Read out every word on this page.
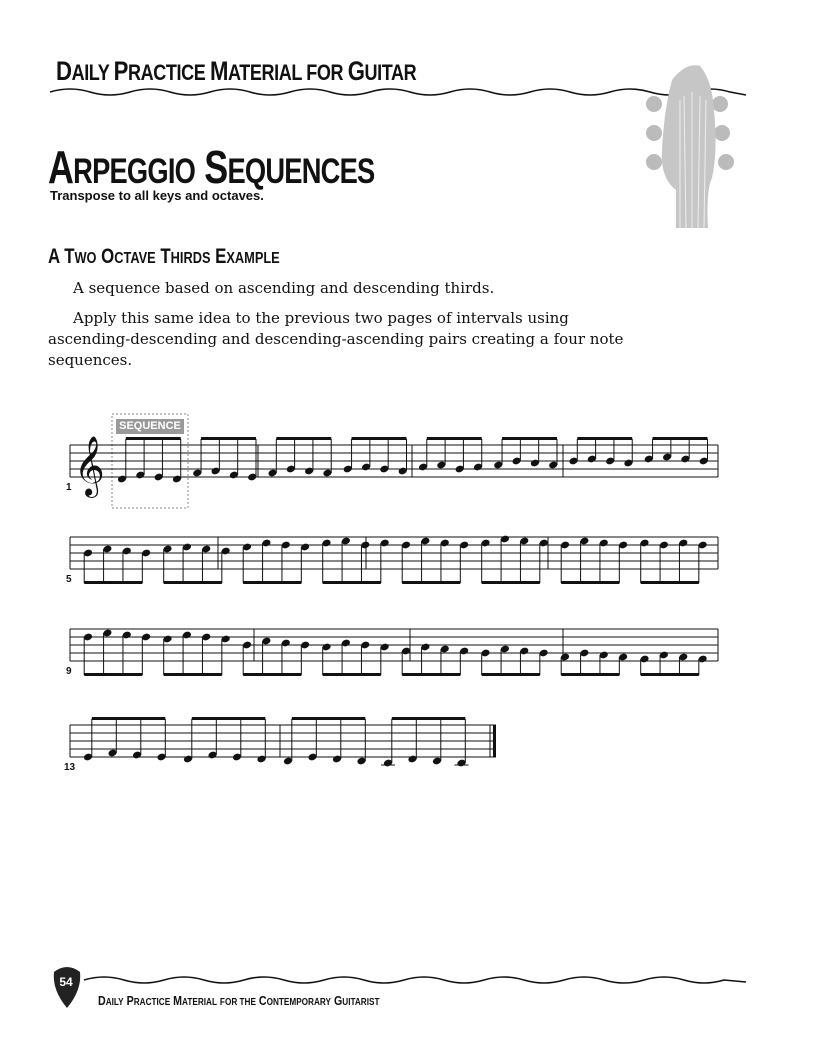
DAILY PRACTICE MATERIAL FOR GUITAR
54
ARPEGGIO SEQUENCES
Transpose to all keys and octaves.
A TWO OCTAVE THIRDS EXAMPLE
A sequence based on ascending and descending thirds.
Apply this same idea to the previous two pages of intervals using ascending-descending and descending-ascending pairs creating a four note sequences.
SEQUENCE
𝄞
1
5
9
13
DAILY PRACTICE MATERIAL FOR THE CONTEMPORARY GUITARIST
